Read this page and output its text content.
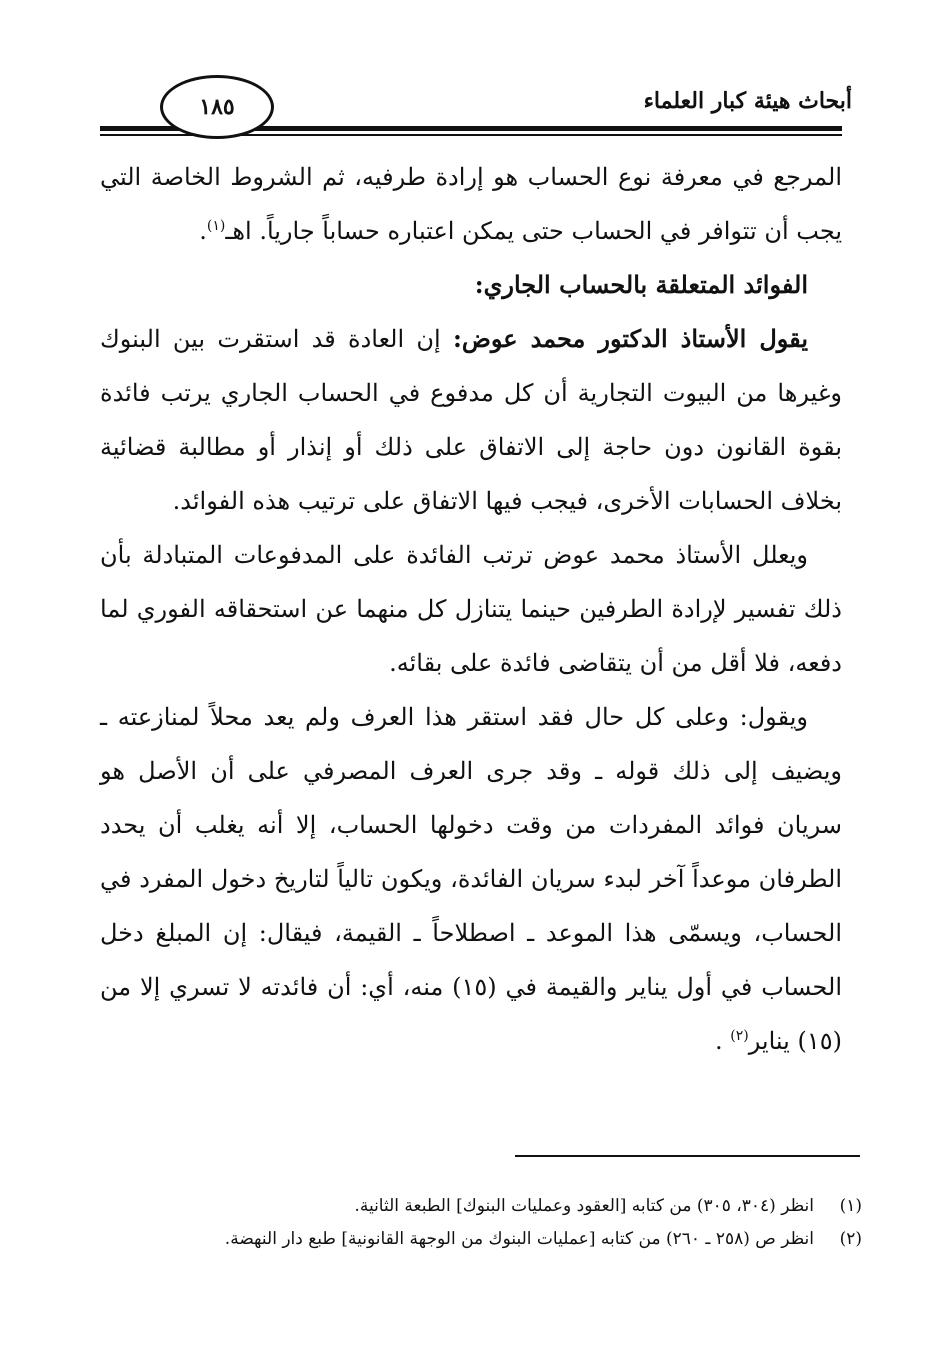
أبحاث هيئة كبار العلماء
١٨٥

المرجع في معرفة نوع الحساب هو إرادة طرفيه، ثم الشروط الخاصة التي يجب أن تتوافر في الحساب حتى يمكن اعتباره حساباً جارياً. اهـ$^{(١)}$.

الفوائد المتعلقة بالحساب الجاري:

يقول الأستاذ الدكتور محمد عوض: إن العادة قد استقرت بين البنوك وغيرها من البيوت التجارية أن كل مدفوع في الحساب الجاري يرتب فائدة بقوة القانون دون حاجة إلى الاتفاق على ذلك أو إنذار أو مطالبة قضائية بخلاف الحسابات الأخرى، فيجب فيها الاتفاق على ترتيب هذه الفوائد.

ويعلل الأستاذ محمد عوض ترتب الفائدة على المدفوعات المتبادلة بأن ذلك تفسير لإرادة الطرفين حينما يتنازل كل منهما عن استحقاقه الفوري لما دفعه، فلا أقل من أن يتقاضى فائدة على بقائه.

ويقول: وعلى كل حال فقد استقر هذا العرف ولم يعد محلاً لمنازعته ـ ويضيف إلى ذلك قوله ـ وقد جرى العرف المصرفي على أن الأصل هو سريان فوائد المفردات من وقت دخولها الحساب، إلا أنه يغلب أن يحدد الطرفان موعداً آخر لبدء سريان الفائدة، ويكون تالياً لتاريخ دخول المفرد في الحساب، ويسمّى هذا الموعد ـ اصطلاحاً ـ القيمة، فيقال: إن المبلغ دخل الحساب في أول يناير والقيمة في (١٥) منه، أي: أن فائدته لا تسري إلا من (١٥) يناير$^{(٢)}$ .

(١)
انظر (٣٠٤، ٣٠٥) من كتابه [العقود وعمليات البنوك] الطبعة الثانية.
(٢)
انظر ص (٢٥٨ ـ ٢٦٠) من كتابه [عمليات البنوك من الوجهة القانونية] طبع دار النهضة.
